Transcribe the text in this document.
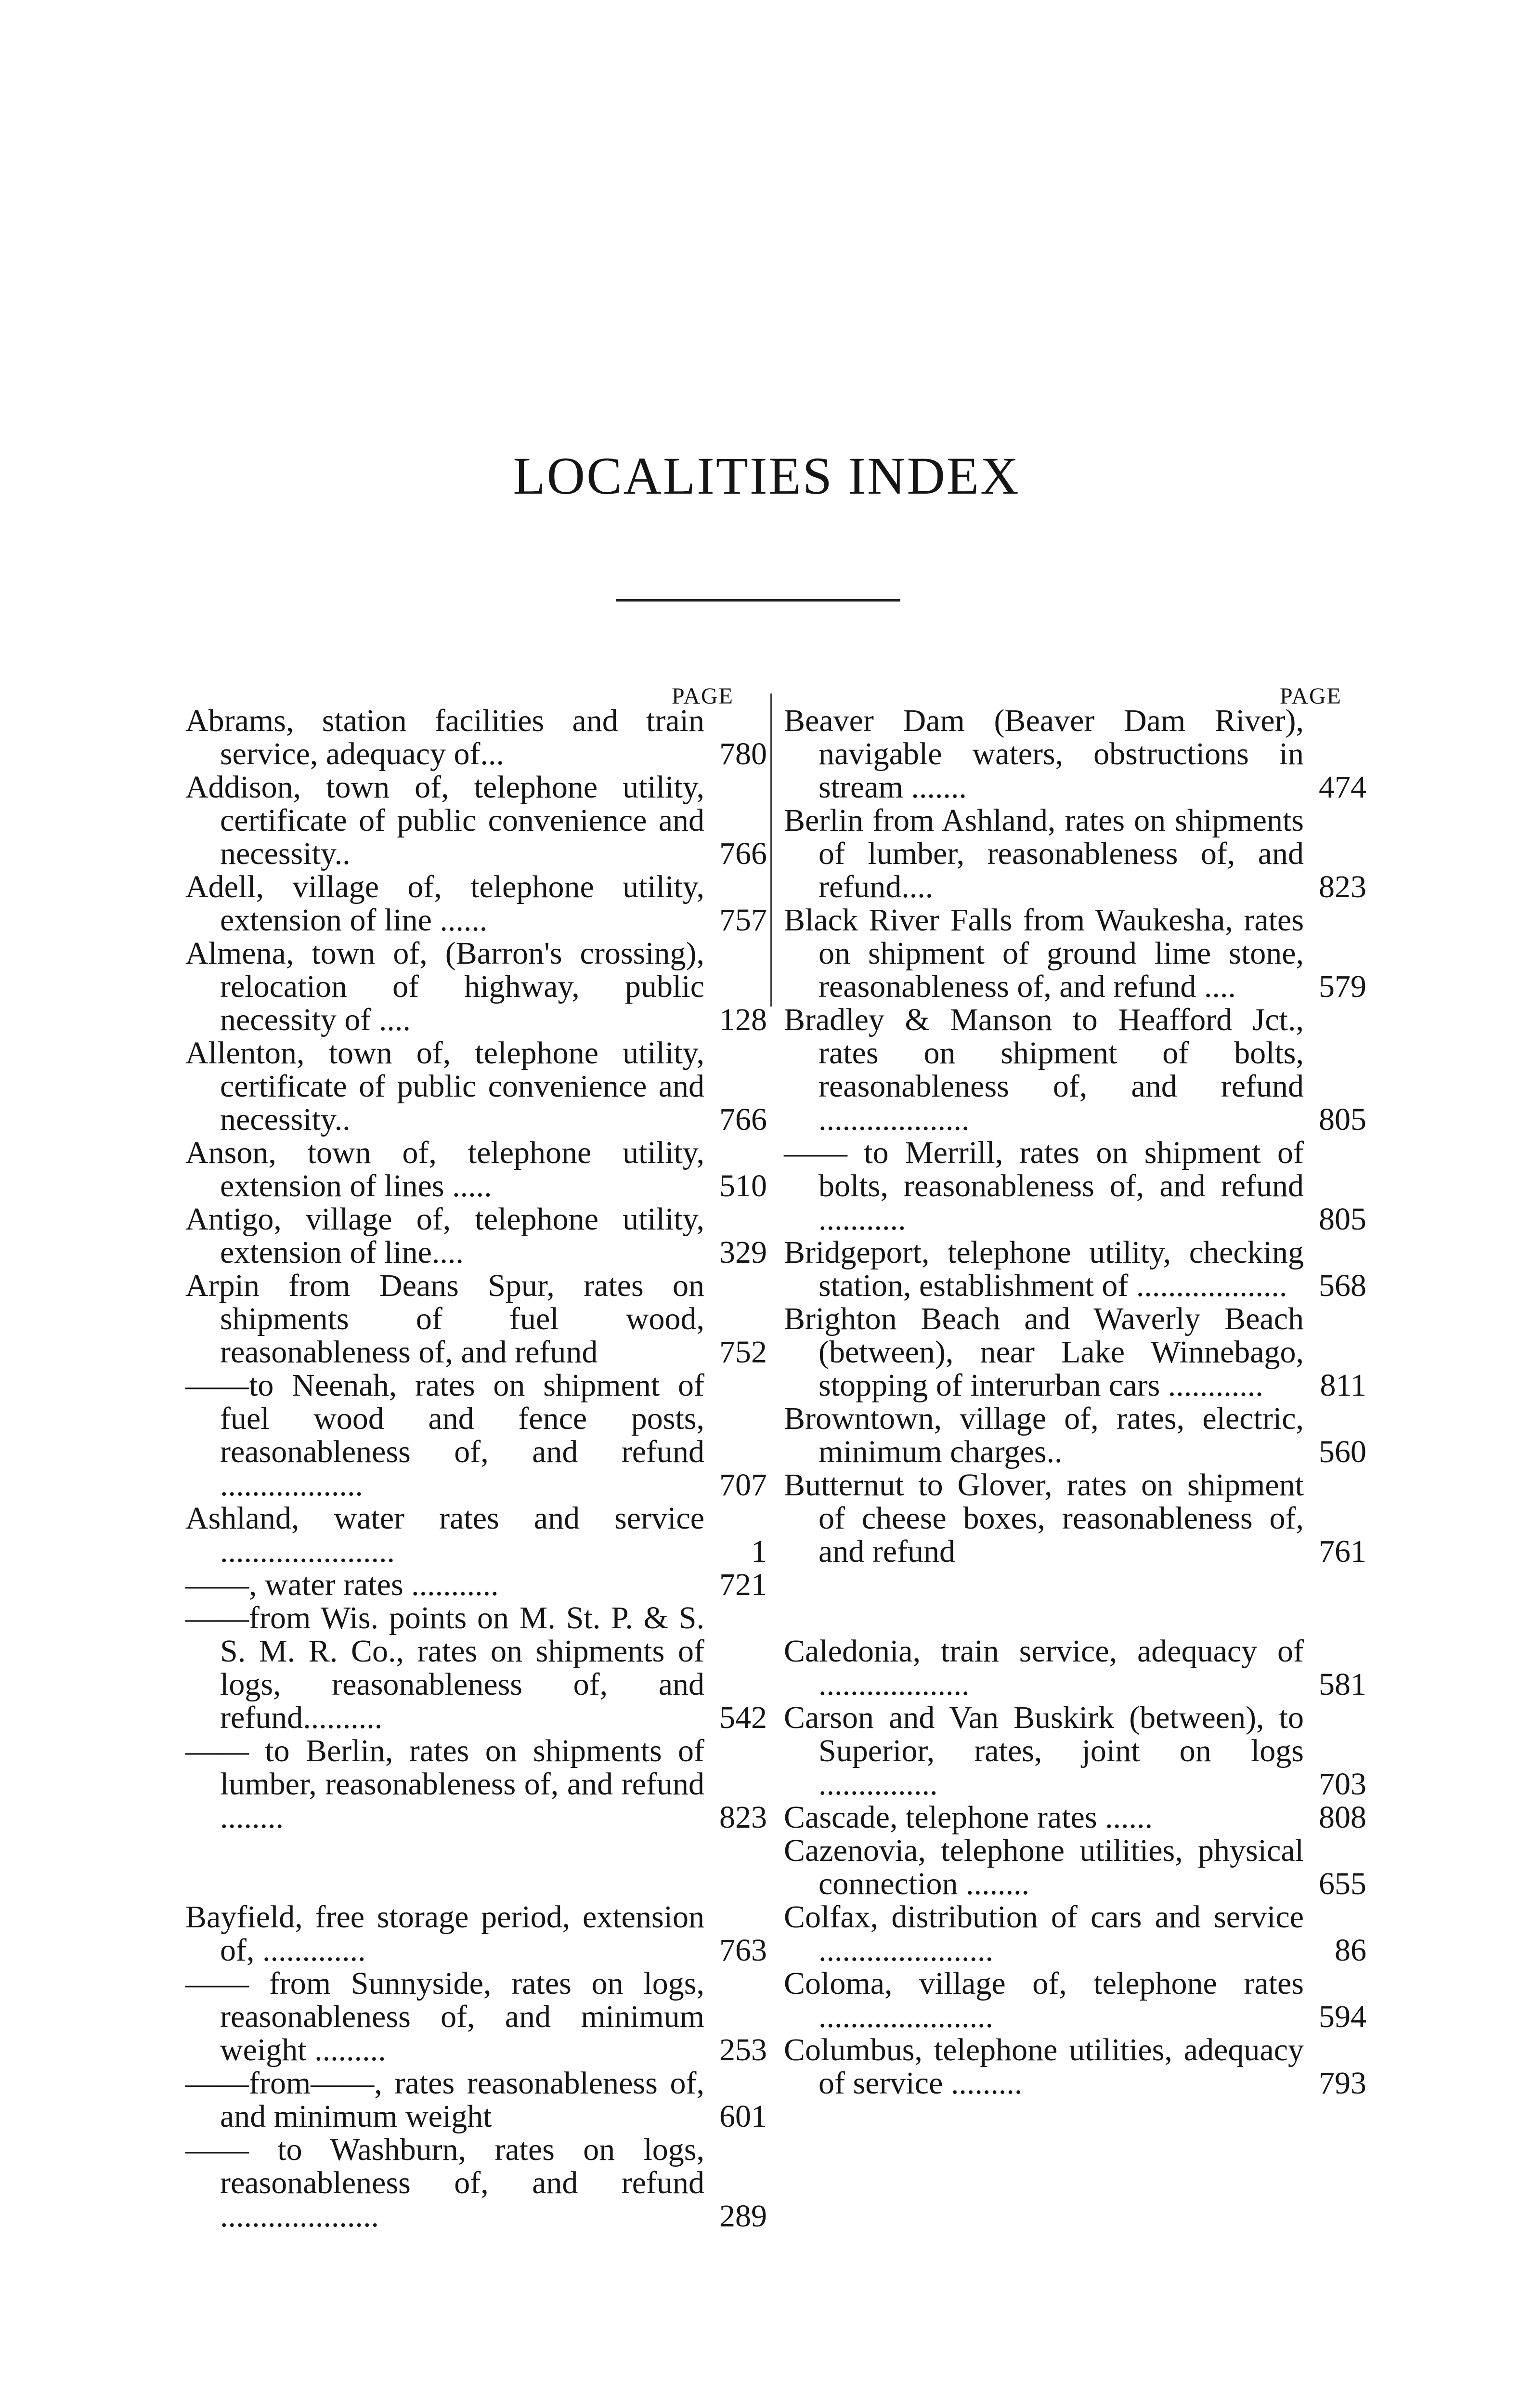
LOCALITIES INDEX
PAGE	PAGE
Abrams, station facilities and train service, adequacy of...	780
Addison, town of, telephone utility, certificate of public convenience and necessity..	766
Adell, village of, telephone utility, extension of line ......	757
Almena, town of, (Barron's crossing), relocation of highway, public necessity of ....	128
Allenton, town of, telephone utility, certificate of public convenience and necessity..	766
Anson, town of, telephone utility, extension of lines .....	510
Antigo, village of, telephone utility, extension of line....	329
Arpin from Deans Spur, rates on shipments of fuel wood, reasonableness of, and refund	752
——to Neenah, rates on shipment of fuel wood and fence posts, reasonableness of, and refund ..................	707
Ashland, water rates and service ......................	1
——, water rates ...........	721
——from Wis. points on M. St. P. & S. S. M. R. Co., rates on shipments of logs, reasonableness of, and refund..........	542
—— to Berlin, rates on shipments of lumber, reasonableness of, and refund ........	823
Bayfield, free storage period, extension of, .............	763
—— from Sunnyside, rates on logs, reasonableness of, and minimum weight .........	253
——from——, rates reasonableness of, and minimum weight	601
—— to Washburn, rates on logs, reasonableness of, and refund ....................	289
Beaver Dam (Beaver Dam River), navigable waters, obstructions in stream .......	474
Berlin from Ashland, rates on shipments of lumber, reasonableness of, and refund....	823
Black River Falls from Waukesha, rates on shipment of ground lime stone, reasonableness of, and refund ....	579
Bradley & Manson to Heafford Jct., rates on shipment of bolts, reasonableness of, and refund ...................	805
—— to Merrill, rates on shipment of bolts, reasonableness of, and refund ...........	805
Bridgeport, telephone utility, checking station, establishment of ................... 568
Brighton Beach and Waverly Beach (between), near Lake Winnebago, stopping of interurban cars ............	811
Browntown, village of, rates, electric, minimum charges..	560
Butternut to Glover, rates on shipment of cheese boxes, reasonableness of, and refund	761
Caledonia, train service, adequacy of ...................	581
Carson and Van Buskirk (between), to Superior, rates, joint on logs ...............	703
Cascade, telephone rates ......	808
Cazenovia, telephone utilities, physical connection ........	655
Colfax, distribution of cars and service ......................	86
Coloma, village of, telephone rates ......................	594
Columbus, telephone utilities, adequacy of service .........	793
